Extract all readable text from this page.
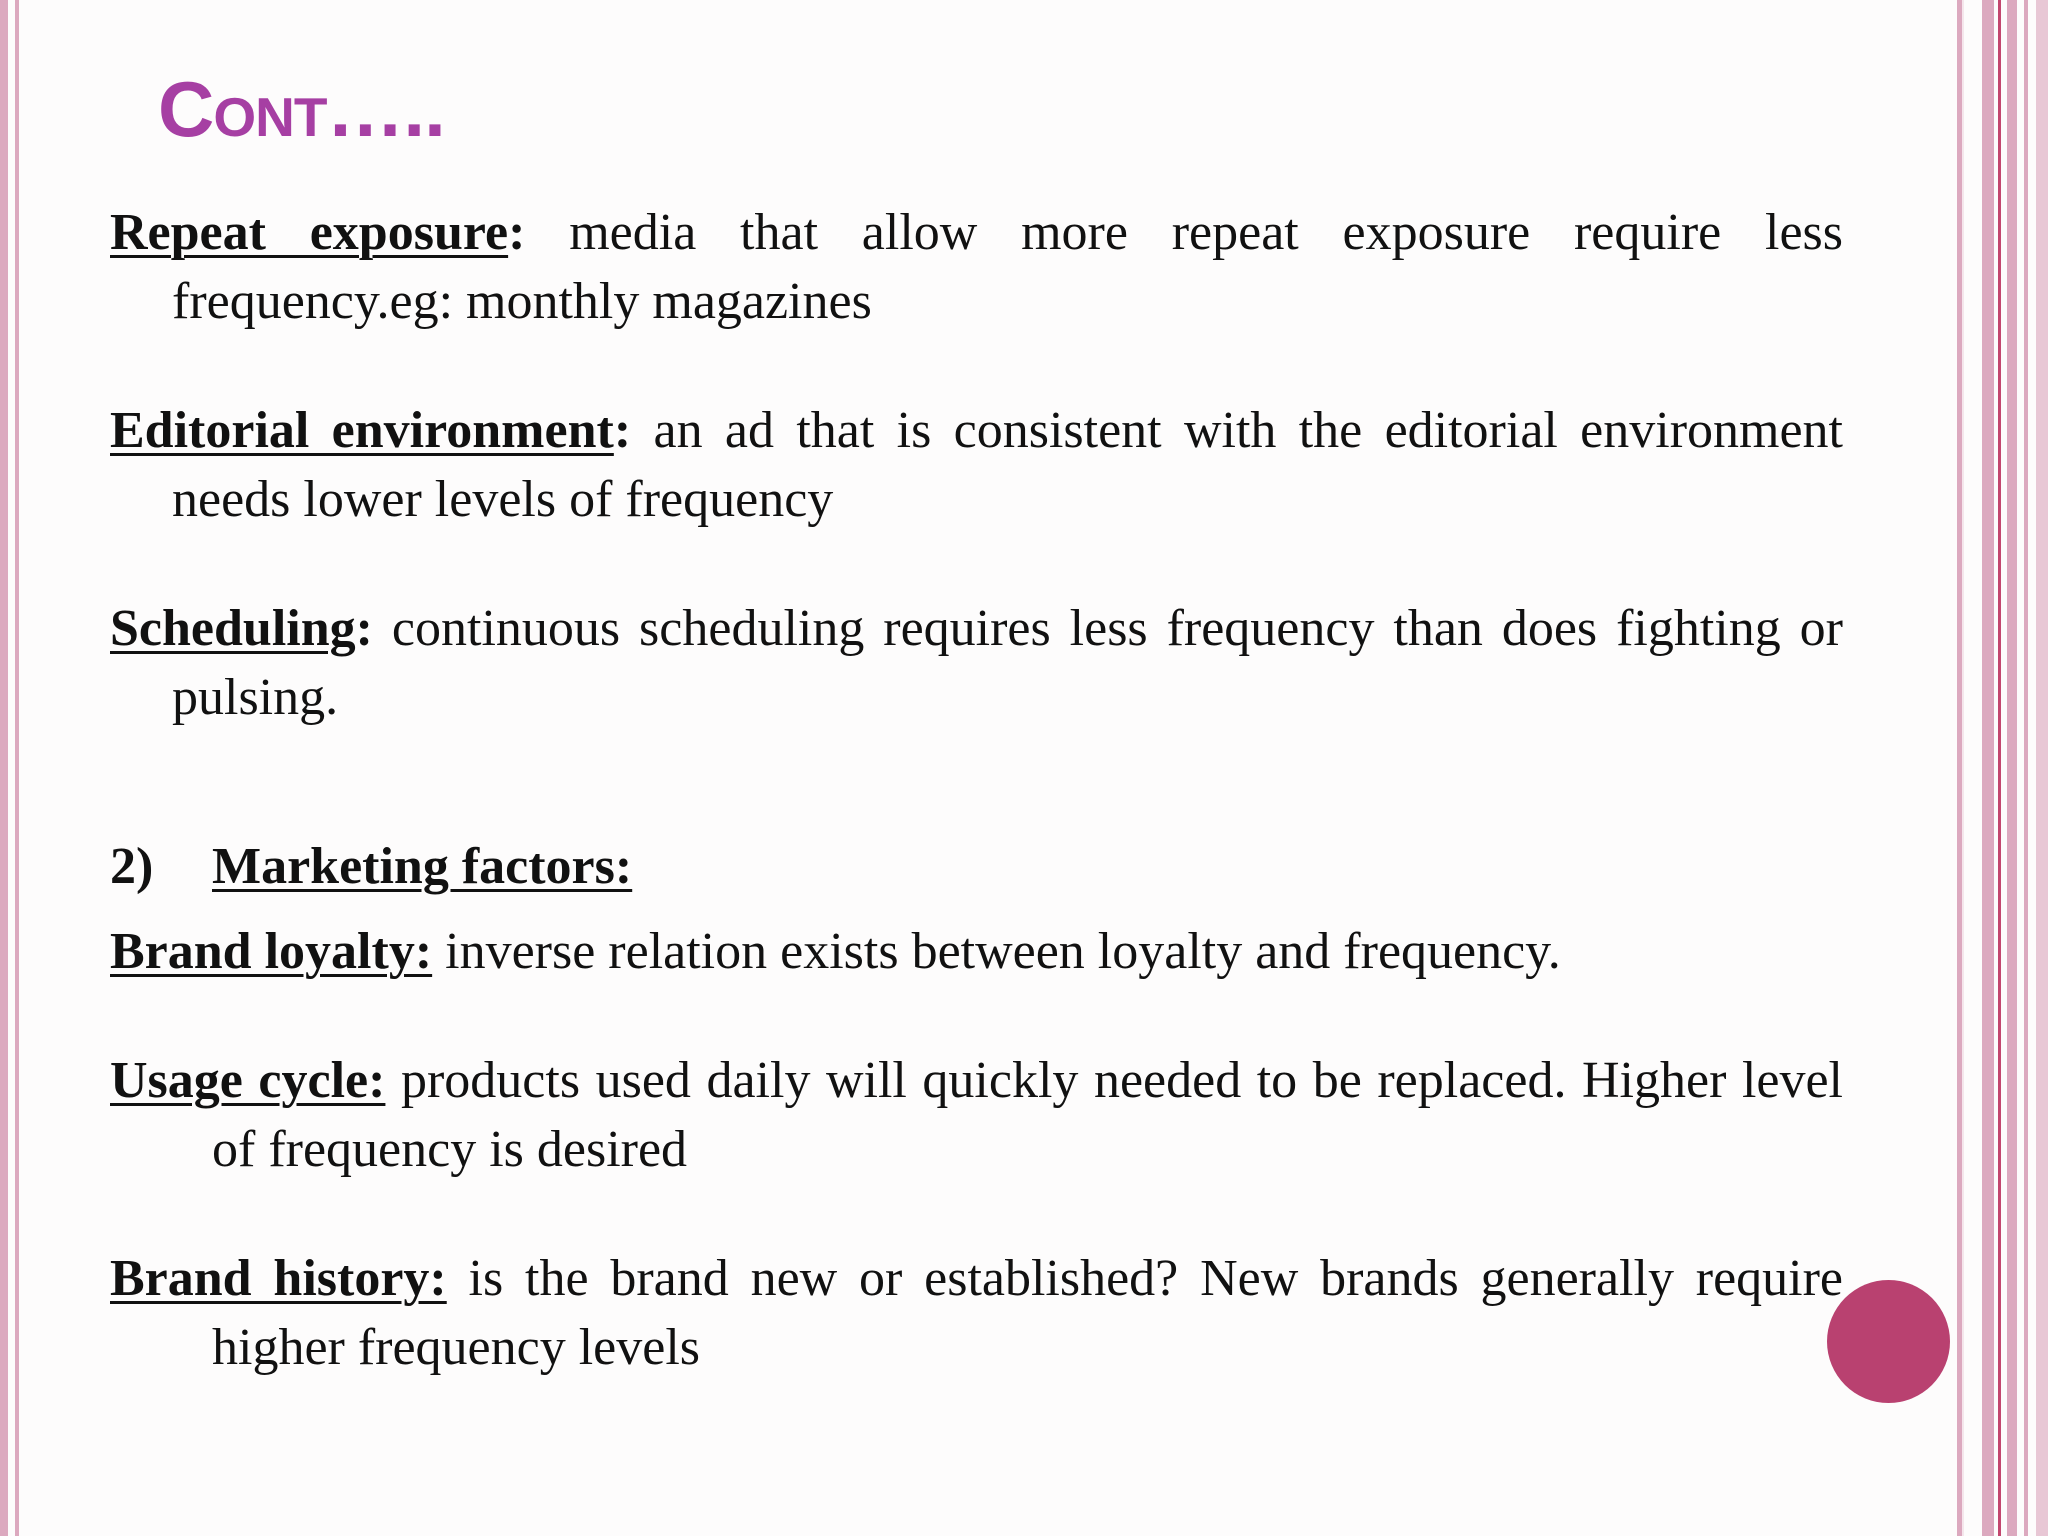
Cont…..

Repeat exposure: media that allow more repeat exposure require less frequency.eg: monthly magazines

Editorial environment: an ad that is consistent with the editorial environment needs lower levels of frequency

Scheduling: continuous scheduling requires less frequency than does fighting or pulsing.

2)	Marketing factors:

Brand loyalty: inverse relation exists between loyalty and frequency.

Usage cycle: products used daily will quickly needed to be replaced. Higher level of frequency is desired

Brand history: is the brand new or established? New brands generally require higher frequency levels
